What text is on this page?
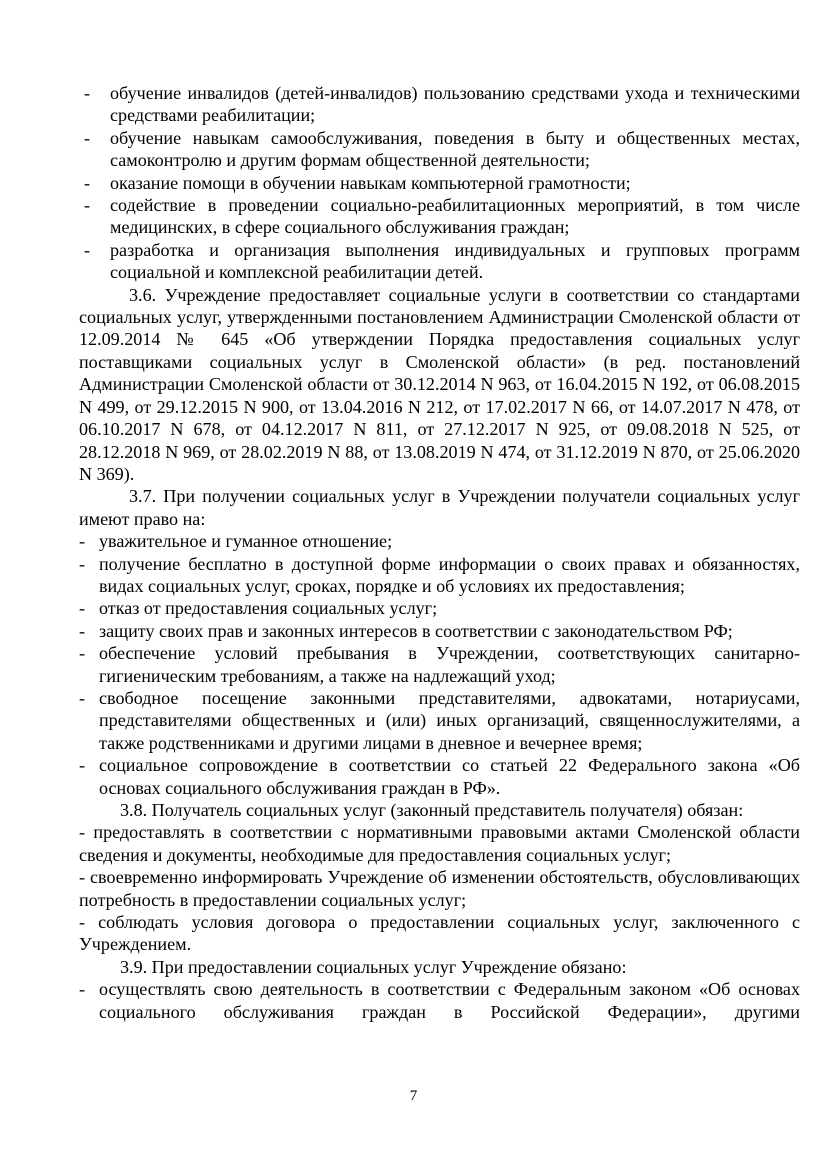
- обучение инвалидов (детей-инвалидов) пользованию средствами ухода и техническими средствами реабилитации;
- обучение навыкам самообслуживания, поведения в быту и общественных местах, самоконтролю и другим формам общественной деятельности;
- оказание помощи в обучении навыкам компьютерной грамотности;
- содействие в проведении социально-реабилитационных мероприятий, в том числе медицинских, в сфере социального обслуживания граждан;
- разработка и организация выполнения индивидуальных и групповых программ социальной и комплексной реабилитации детей.
3.6. Учреждение предоставляет социальные услуги в соответствии со стандартами социальных услуг, утвержденными постановлением Администрации Смоленской области от 12.09.2014 № 645 «Об утверждении Порядка предоставления социальных услуг поставщиками социальных услуг в Смоленской области» (в ред. постановлений Администрации Смоленской области от 30.12.2014 N 963, от 16.04.2015 N 192, от 06.08.2015 N 499, от 29.12.2015 N 900, от 13.04.2016 N 212, от 17.02.2017 N 66, от 14.07.2017 N 478, от 06.10.2017 N 678, от 04.12.2017 N 811, от 27.12.2017 N 925, от 09.08.2018 N 525, от 28.12.2018 N 969, от 28.02.2019 N 88, от 13.08.2019 N 474, от 31.12.2019 N 870, от 25.06.2020 N 369).
3.7. При получении социальных услуг в Учреждении получатели социальных услуг имеют право на:
- уважительное и гуманное отношение;
- получение бесплатно в доступной форме информации о своих правах и обязанностях, видах социальных услуг, сроках, порядке и об условиях их предоставления;
- отказ от предоставления социальных услуг;
- защиту своих прав и законных интересов в соответствии с законодательством РФ;
- обеспечение условий пребывания в Учреждении, соответствующих санитарно-гигиеническим требованиям, а также на надлежащий уход;
- свободное посещение законными представителями, адвокатами, нотариусами, представителями общественных и (или) иных организаций, священнослужителями, а также родственниками и другими лицами в дневное и вечернее время;
- социальное сопровождение в соответствии со статьей 22 Федерального закона «Об основах социального обслуживания граждан в РФ».
3.8. Получатель социальных услуг (законный представитель получателя) обязан:
- предоставлять в соответствии с нормативными правовыми актами Смоленской области сведения и документы, необходимые для предоставления социальных услуг;
- своевременно информировать Учреждение об изменении обстоятельств, обусловливающих потребность в предоставлении социальных услуг;
- соблюдать условия договора о предоставлении социальных услуг, заключенного с Учреждением.
3.9. При предоставлении социальных услуг Учреждение обязано:
- осуществлять свою деятельность в соответствии с Федеральным законом «Об основах социального обслуживания граждан в Российской Федерации», другими
7
